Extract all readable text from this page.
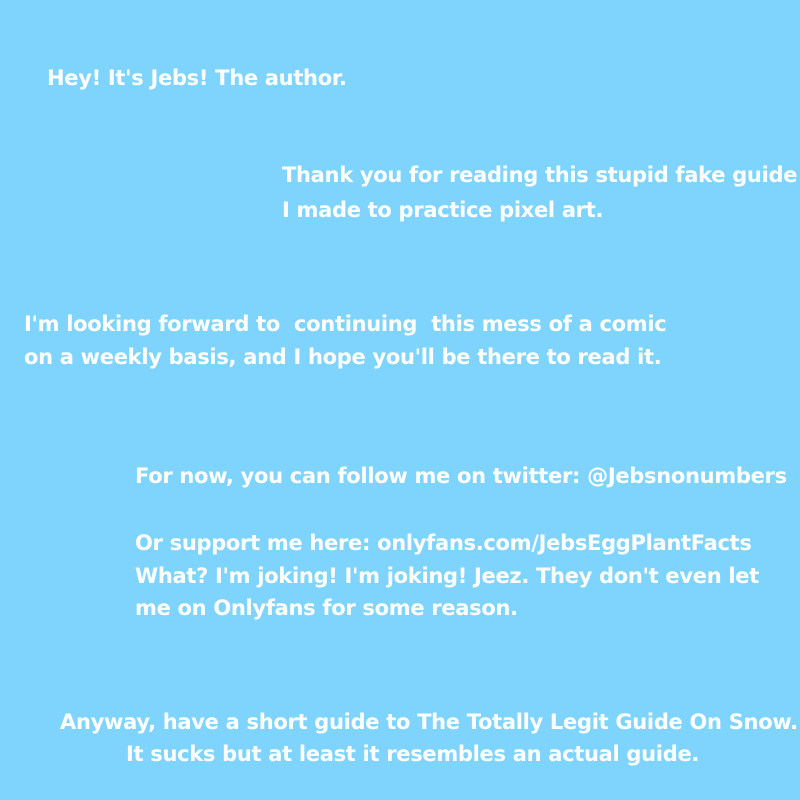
Hey! It's Jebs! The author.

Thank you for reading this stupid fake guide

I made to practice pixel art.

I'm looking forward to  continuing  this mess of a comic

on a weekly basis, and I hope you'll be there to read it.

For now, you can follow me on twitter: @Jebsnonumbers

Or support me here: onlyfans.com/JebsEggPlantFacts

What? I'm joking! I'm joking! Jeez. They don't even let

me on Onlyfans for some reason.

Anyway, have a short guide to The Totally Legit Guide On Snow.

It sucks but at least it resembles an actual guide.
